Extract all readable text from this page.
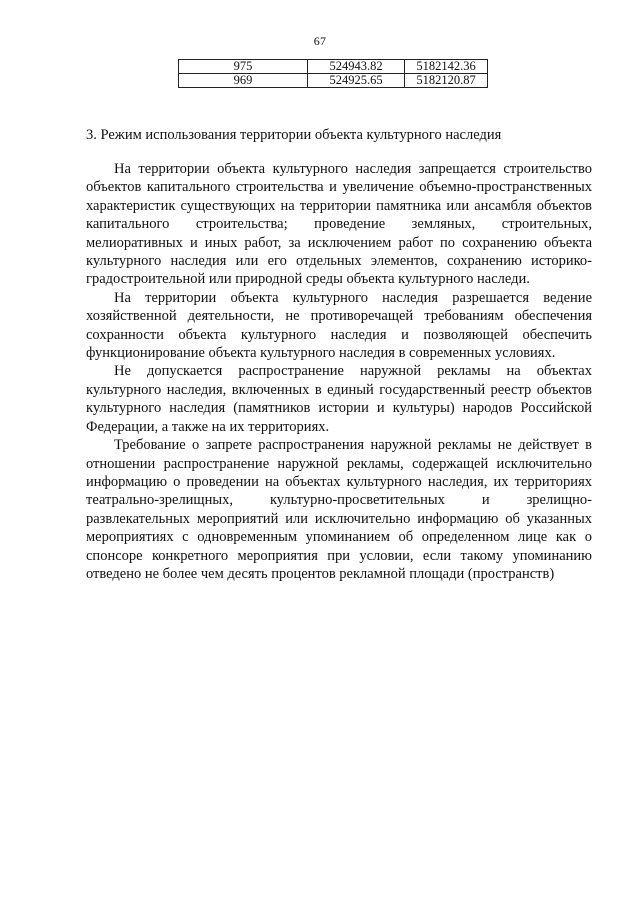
67
975	524943.82	5182142.36
969	524925.65	5182120.87
3. Режим использования территории объекта культурного наследия

На территории объекта культурного наследия запрещается строительство объектов капитального строительства и увеличение объемно-пространственных характеристик существующих на территории памятника или ансамбля объектов капитального строительства; проведение земляных, строительных, мелиоративных и иных работ, за исключением работ по сохранению объекта культурного наследия или его отдельных элементов, сохранению историко-градостроительной или природной среды объекта культурного наследи.

На территории объекта культурного наследия разрешается ведение хозяйственной деятельности, не противоречащей требованиям обеспечения сохранности объекта культурного наследия и позволяющей обеспечить функционирование объекта культурного наследия в современных условиях.

Не допускается распространение наружной рекламы на объектах культурного наследия, включенных в единый государственный реестр объектов культурного наследия (памятников истории и культуры) народов Российской Федерации, а также на их территориях.

Требование о запрете распространения наружной рекламы не действует в отношении распространение наружной рекламы, содержащей исключительно информацию о проведении на объектах культурного наследия, их территориях театрально-зрелищных, культурно-просветительных и зрелищно-развлекательных мероприятий или исключительно информацию об указанных мероприятиях с одновременным упоминанием об определенном лице как о спонсоре конкретного мероприятия при условии, если такому упоминанию отведено не более чем десять процентов рекламной площади (пространств)
